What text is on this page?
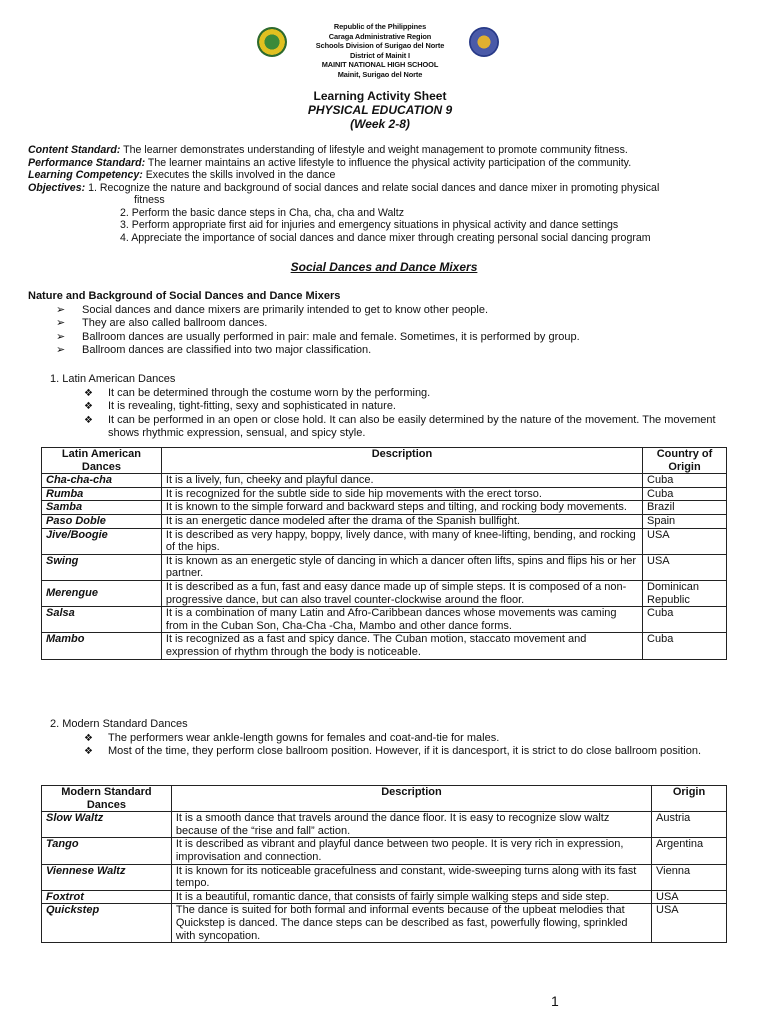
Republic of the Philippines
Caraga Administrative Region
Schools Division of Surigao del Norte
District of Mainit I
MAINIT NATIONAL HIGH SCHOOL
Mainit, Surigao del Norte
Learning Activity Sheet
PHYSICAL EDUCATION 9
(Week 2-8)
Content Standard: The learner demonstrates understanding of lifestyle and weight management to promote community fitness.
Performance Standard: The learner maintains an active lifestyle to influence the physical activity participation of the community.
Learning Competency: Executes the skills involved in the dance
Objectives: 1. Recognize the nature and background of social dances and relate social dances and dance mixer in promoting physical
fitness
2. Perform the basic dance steps in Cha, cha, cha and Waltz
3. Perform appropriate first aid for injuries and emergency situations in physical activity and dance settings
4. Appreciate the importance of social dances and dance mixer through creating personal social dancing program
Social Dances and Dance Mixers
Nature and Background of Social Dances and Dance Mixers
➢ Social dances and dance mixers are primarily intended to get to know other people.
➢ They are also called ballroom dances.
➢ Ballroom dances are usually performed in pair: male and female. Sometimes, it is performed by group.
➢ Ballroom dances are classified into two major classification.
1. Latin American Dances
❖ It can be determined through the costume worn by the performing.
❖ It is revealing, tight-fitting, sexy and sophisticated in nature.
❖ It can be performed in an open or close hold. It can also be easily determined by the nature of the movement. The movement shows rhythmic expression, sensual, and spicy style.
Latin American Dances	Description	Country of Origin
Cha-cha-cha	It is a lively, fun, cheeky and playful dance.	Cuba
Rumba	It is recognized for the subtle side to side hip movements with the erect torso.	Cuba
Samba	It is known to the simple forward and backward steps and tilting, and rocking body movements.	Brazil
Paso Doble	It is an energetic dance modeled after the drama of the Spanish bullfight.	Spain
Jive/Boogie	It is described as very happy, boppy, lively dance, with many of knee-lifting, bending, and rocking of the hips.	USA
Swing	It is known as an energetic style of dancing in which a dancer often lifts, spins and flips his or her partner.	USA
Merengue	It is described as a fun, fast and easy dance made up of simple steps. It is composed of a non-progressive dance, but can also travel counter-clockwise around the floor.	Dominican Republic
Salsa	It is a combination of many Latin and Afro-Caribbean dances whose movements was caming from in the Cuban Son, Cha-Cha -Cha, Mambo and other dance forms.	Cuba
Mambo	It is recognized as a fast and spicy dance. The Cuban motion, staccato movement and expression of rhythm through the body is noticeable.	Cuba
2. Modern Standard Dances
❖ The performers wear ankle-length gowns for females and coat-and-tie for males.
❖ Most of the time, they perform close ballroom position. However, if it is dancesport, it is strict to do close ballroom position.
Modern Standard Dances	Description	Origin
Slow Waltz	It is a smooth dance that travels around the dance floor. It is easy to recognize slow waltz because of the “rise and fall” action.	Austria
Tango	It is described as vibrant and playful dance between two people. It is very rich in expression, improvisation and connection.	Argentina
Viennese Waltz	It is known for its noticeable gracefulness and constant, wide-sweeping turns along with its fast tempo.	Vienna
Foxtrot	It is a beautiful, romantic dance, that consists of fairly simple walking steps and side step.	USA
Quickstep	The dance is suited for both formal and informal events because of the upbeat melodies that Quickstep is danced. The dance steps can be described as fast, powerfully flowing, sprinkled with syncopation.	USA
1
